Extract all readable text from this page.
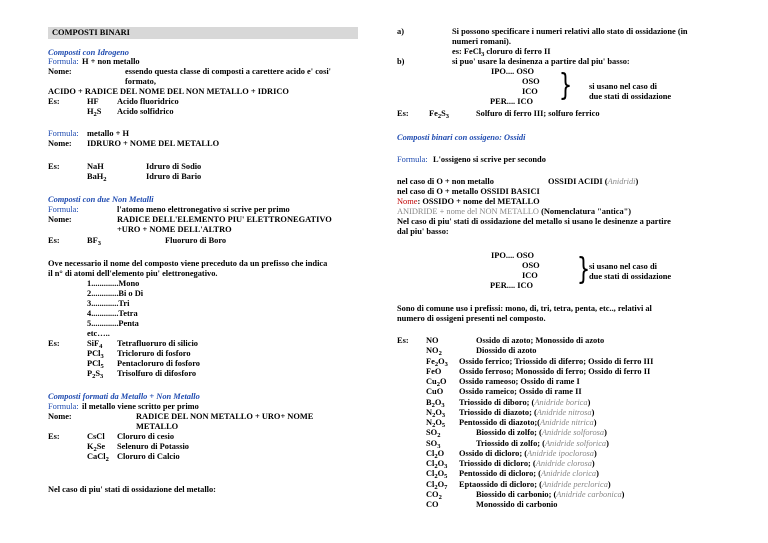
COMPOSTI BINARI
Composti con Idrogeno
Formula: H + non metallo
Nome:	essendo questa classe di composti a carettere acido e' cosi'
formato,
ACIDO + RADICE DEL NOME DEL NON METALLO + IDRICO
Es:	HF Acido fluoridrico
$H_2S$ Acido solfidrico
Formula: metallo + H
Nome: IDRURO + NOME DEL METALLO
Es:	NaH	Idruro di Sodio
BaH$_2$	Idruro di Bario
Composti con due Non Metalli
Formula:	l'atomo meno elettronegativo si scrive per primo
Nome:	RADICE DELL'ELEMENTO PIU' ELETTRONEGATIVO
+URO + NOME DELL'ALTRO
Es:	$BF_3$	Fluoruro di Boro
Ove necessario il nome del composto viene preceduto da un prefisso che indica
il n° di atomi dell'elemento piu' elettronegativo.
1.............Mono
2.............Bi o Di
3.............Tri
4.............Tetra
5.............Penta
etc…..
Es:	SiF$_4$ Tetrafluoruro di silicio
PCl$_3$ Tricloruro di fosforo
PCl$_5$ Pentacloruro di fosforo
$P_2S_3$ Trisolfuro di difosforo
Composti formati da Metallo + Non Metallo
Formula: il metallo viene scritto per primo
Nome:	RADICE DEL NON METALLO + URO+ NOME
METALLO
Es:	CsCl Cloruro di cesio
$K_2Se$ Selenuro di Potassio
CaCl$_2$ Cloruro di Calcio
Nel caso di piu' stati di ossidazione del metallo:
a)	Si possono specificare i numeri relativi allo stato di ossidazione (in
numeri romani).
es: FeCl$_3$ cloruro di ferro II
b)	si puo' usare la desinenza a partire dal piu' basso:
IPO.... OSO
OSO
ICO
PER.... ICO } si usano nel caso di
due stati di ossidazione
Es: $Fe_2S_3$	Solfuro di ferro III; solfuro ferrico
Composti binari con ossigeno: Ossidi
Formula: L'ossigeno si scrive per secondo
nel caso di O + non metallo	OSSIDI ACIDI (Anidridi)
nel caso di O + metallo OSSIDI BASICI
Nome: OSSIDO + nome del METALLO
ANIDRIDE + nome del NON METALLO (Nomenclatura "antica")
Nel caso di piu' stati di ossidazione del metallo si usano le desinenze a partire
dal piu' basso:
IPO.... OSO
OSO
ICO
PER.... ICO }
si usano nel caso di
due stati di ossidazione
Sono di comune uso i prefissi: mono, di, tri, tetra, penta, etc.., relativi al
numero di ossigeni presenti nel composto.
Es: NO	Ossido di azoto; Monossido di azoto
$NO_2$	Diossido di azoto
$Fe_2O_3$ Ossido ferrico; Triossido di diferro; Ossido di ferro III
FeO Ossido ferroso; Monossido di ferro; Ossido di ferro II
$Cu_2O$ Ossido rameoso; Ossido di rame I
CuO Ossido rameico; Ossido di rame II
$B_2O_3$ Triossido di diboro; (Anidride borica)
$N_2O_3$ Triossido di diazoto; (Anidride nitrosa)
$N_2O_5$ Pentossido di diazoto;(Anidride nitrica)
$SO_2$	Biossido di zolfo; (Anidride solforosa)
$SO_3$	Triossido di zolfo; (Anidride solforica)
$Cl_2O$ Ossido di dicloro; (Anidride ipoclorosa)
$Cl_2O_3$ Triossido di dicloro; (Anidride clorosa)
$Cl_2O_5$ Pentossido di dicloro; (Anidride clorica)
$Cl_2O_7$ Eptaossido di dicloro; (Anidride perclorica)
$CO_2$	Biossido di carbonio; (Anidride carbonica)
CO	Monossido di carbonio
